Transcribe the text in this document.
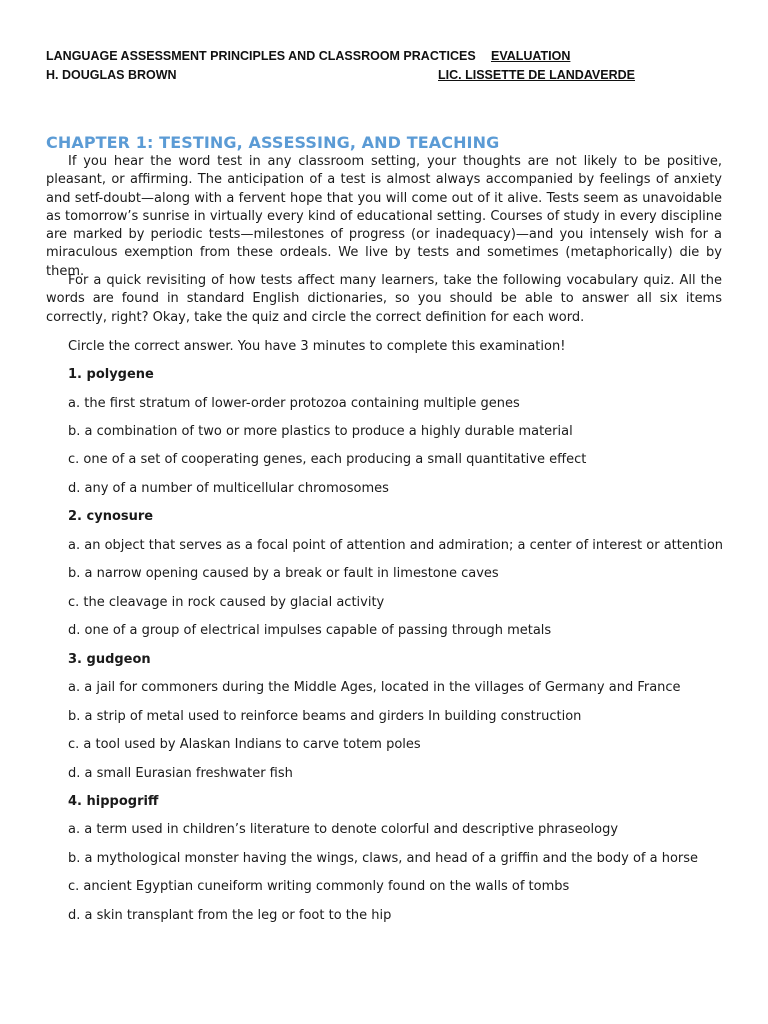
LANGUAGE ASSESSMENT PRINCIPLES AND CLASSROOM PRACTICES EVALUATION
H. DOUGLAS BROWN	LIC. LISSETTE DE LANDAVERDE
CHAPTER 1: TESTING, ASSESSING, AND TEACHING
If you hear the word test in any classroom setting, your thoughts are not likely to be positive, pleasant, or affirming. The anticipation of a test is almost always accompanied by feelings of anxiety and setf-doubt—along with a fervent hope that you will come out of it alive. Tests seem as unavoidable as tomorrow’s sunrise in virtually every kind of educational setting. Courses of study in every discipline are marked by periodic tests—milestones of progress (or inadequacy)—and you intensely wish for a miraculous exemption from these ordeals. We live by tests and sometimes (metaphorically) die by them.
For a quick revisiting of how tests affect many learners, take the following vocabulary quiz. All the words are found in standard English dictionaries, so you should be able to answer all six items correctly, right? Okay, take the quiz and circle the correct definition for each word.
Circle the correct answer. You have 3 minutes to complete this examination!
1. polygene
a. the first stratum of lower-order protozoa containing multiple genes
b. a combination of two or more plastics to produce a highly durable material
c. one of a set of cooperating genes, each producing a small quantitative effect
d. any of a number of multicellular chromosomes
2. cynosure
a. an object that serves as a focal point of attention and admiration; a center of interest or attention
b. a narrow opening caused by a break or fault in limestone caves
c. the cleavage in rock caused by glacial activity
d. one of a group of electrical impulses capable of passing through metals
3. gudgeon
a. a jail for commoners during the Middle Ages, located in the villages of Germany and France
b. a strip of metal used to reinforce beams and girders In building construction
c. a tool used by Alaskan Indians to carve totem poles
d. a small Eurasian freshwater fish
4. hippogriff
a. a term used in children’s literature to denote colorful and descriptive phraseology
b. a mythological monster having the wings, claws, and head of a griffin and the body of a horse
c. ancient Egyptian cuneiform writing commonly found on the walls of tombs
d. a skin transplant from the leg or foot to the hip
